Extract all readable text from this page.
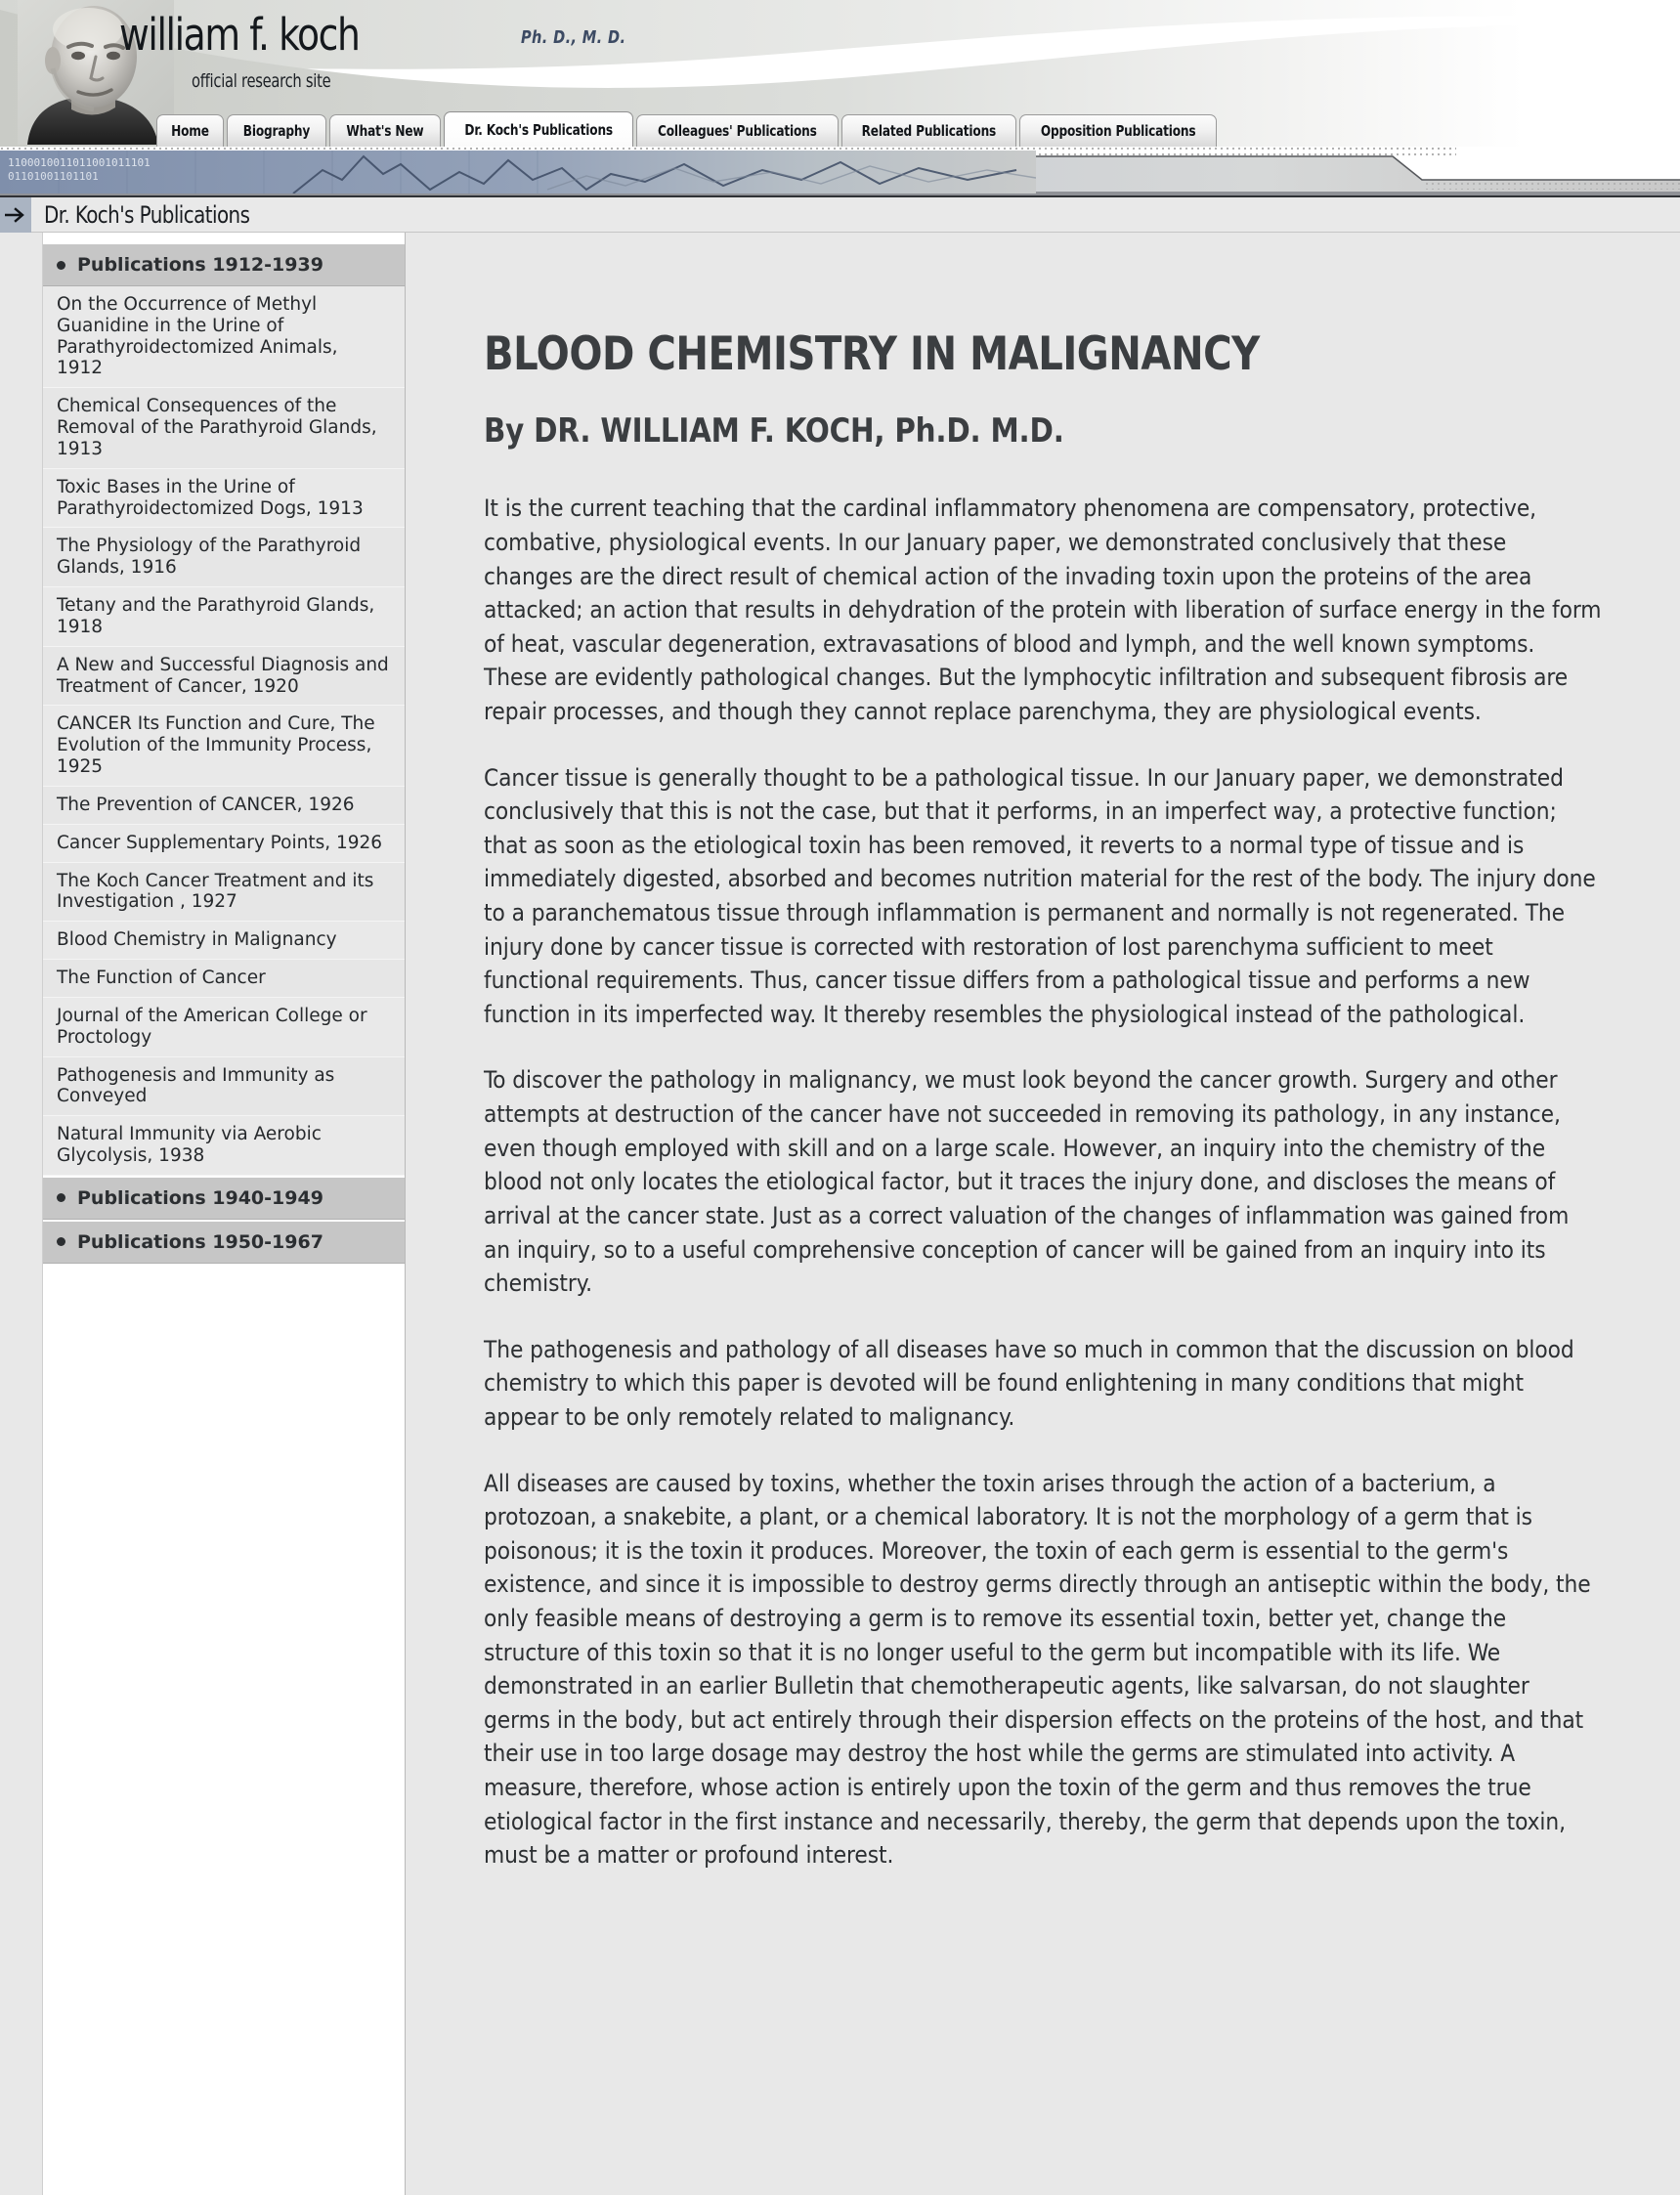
william f. koch	Ph. D., M. D.
official research site
Home Biography What's New	Dr. Koch's Publications	Colleagues' Publications	Related Publications	Opposition Publications
1100010011011001011101
01101001101101
Dr. Koch's Publications
Publications 1912-1939
On the Occurrence of Methyl Guanidine in the Urine of Parathyroidectomized Animals, 1912
Chemical Consequences of the Removal of the Parathyroid Glands, 1913
Toxic Bases in the Urine of Parathyroidectomized Dogs, 1913
The Physiology of the Parathyroid Glands, 1916
Tetany and the Parathyroid Glands, 1918
A New and Successful Diagnosis and Treatment of Cancer, 1920
CANCER Its Function and Cure, The Evolution of the Immunity Process, 1925
The Prevention of CANCER, 1926
Cancer Supplementary Points, 1926
The Koch Cancer Treatment and its Investigation , 1927
Blood Chemistry in Malignancy
The Function of Cancer
Journal of the American College or Proctology
Pathogenesis and Immunity as Conveyed
Natural Immunity via Aerobic Glycolysis, 1938
Publications 1940-1949
Publications 1950-1967
BLOOD CHEMISTRY IN MALIGNANCY
By DR. WILLIAM F. KOCH, Ph.D. M.D.

It is the current teaching that the cardinal inflammatory phenomena are compensatory, protective, combative, physiological events. In our January paper, we demonstrated conclusively that these changes are the direct result of chemical action of the invading toxin upon the proteins of the area attacked; an action that results in dehydration of the protein with liberation of surface energy in the form of heat, vascular degeneration, extravasations of blood and lymph, and the well known symptoms. These are evidently pathological changes. But the lymphocytic infiltration and subsequent fibrosis are repair processes, and though they cannot replace parenchyma, they are physiological events.

Cancer tissue is generally thought to be a pathological tissue. In our January paper, we demonstrated conclusively that this is not the case, but that it performs, in an imperfect way, a protective function; that as soon as the etiological toxin has been removed, it reverts to a normal type of tissue and is immediately digested, absorbed and becomes nutrition material for the rest of the body. The injury done to a paranchematous tissue through inflammation is permanent and normally is not regenerated. The injury done by cancer tissue is corrected with restoration of lost parenchyma sufficient to meet functional requirements. Thus, cancer tissue differs from a pathological tissue and performs a new function in its imperfected way. It thereby resembles the physiological instead of the pathological.

To discover the pathology in malignancy, we must look beyond the cancer growth. Surgery and other attempts at destruction of the cancer have not succeeded in removing its pathology, in any instance, even though employed with skill and on a large scale. However, an inquiry into the chemistry of the blood not only locates the etiological factor, but it traces the injury done, and discloses the means of arrival at the cancer state. Just as a correct valuation of the changes of inflammation was gained from an inquiry, so to a useful comprehensive conception of cancer will be gained from an inquiry into its chemistry.

The pathogenesis and pathology of all diseases have so much in common that the discussion on blood chemistry to which this paper is devoted will be found enlightening in many conditions that might appear to be only remotely related to malignancy.

All diseases are caused by toxins, whether the toxin arises through the action of a bacterium, a protozoan, a snakebite, a plant, or a chemical laboratory. It is not the morphology of a germ that is poisonous; it is the toxin it produces. Moreover, the toxin of each germ is essential to the germ's existence, and since it is impossible to destroy germs directly through an antiseptic within the body, the only feasible means of destroying a germ is to remove its essential toxin, better yet, change the structure of this toxin so that it is no longer useful to the germ but incompatible with its life. We demonstrated in an earlier Bulletin that chemotherapeutic agents, like salvarsan, do not slaughter germs in the body, but act entirely through their dispersion effects on the proteins of the host, and that their use in too large dosage may destroy the host while the germs are stimulated into activity. A measure, therefore, whose action is entirely upon the toxin of the germ and thus removes the true etiological factor in the first instance and necessarily, thereby, the germ that depends upon the toxin, must be a matter or profound interest.
